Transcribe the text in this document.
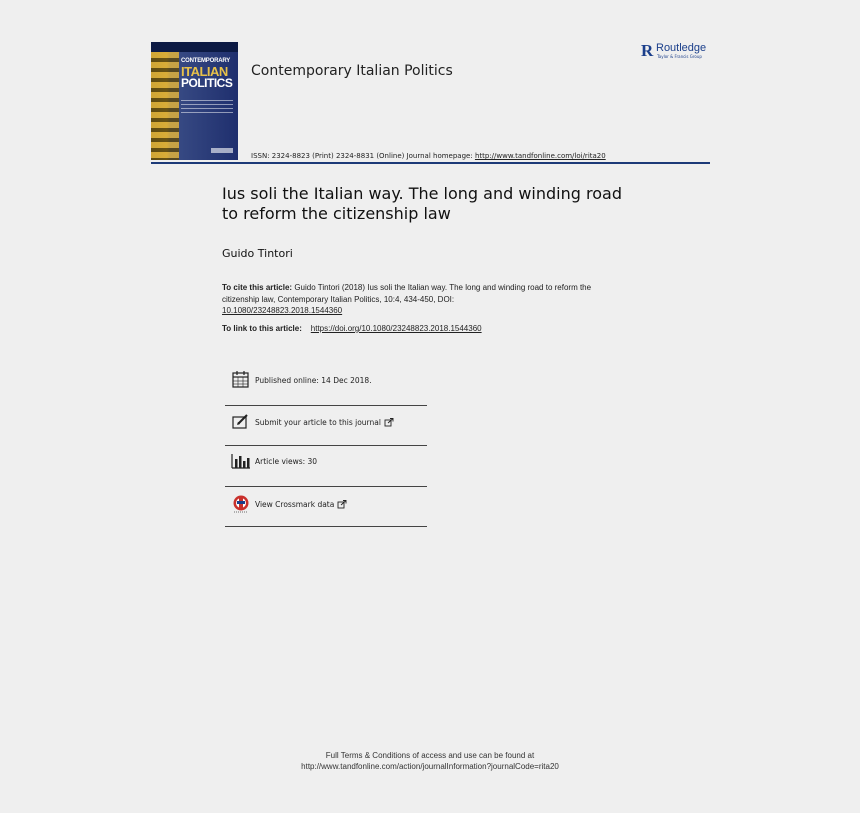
CONTEMPORARY
ITALIAN
POLITICS
Contemporary Italian Politics
R Routledge
Taylor & Francis Group
ISSN: 2324-8823 (Print) 2324-8831 (Online) Journal homepage: http://www.tandfonline.com/loi/rita20
Ius soli the Italian way. The long and winding road to reform the citizenship law
Guido Tintori
To cite this article: Guido Tintori (2018) Ius soli the Italian way. The long and winding road to reform the citizenship law, Contemporary Italian Politics, 10:4, 434-450, DOI:
10.1080/23248823.2018.1544360
To link to this article: https://doi.org/10.1080/23248823.2018.1544360
Published online: 14 Dec 2018.
Submit your article to this journal
Article views: 30
View Crossmark data
Full Terms & Conditions of access and use can be found at
http://www.tandfonline.com/action/journalInformation?journalCode=rita20
